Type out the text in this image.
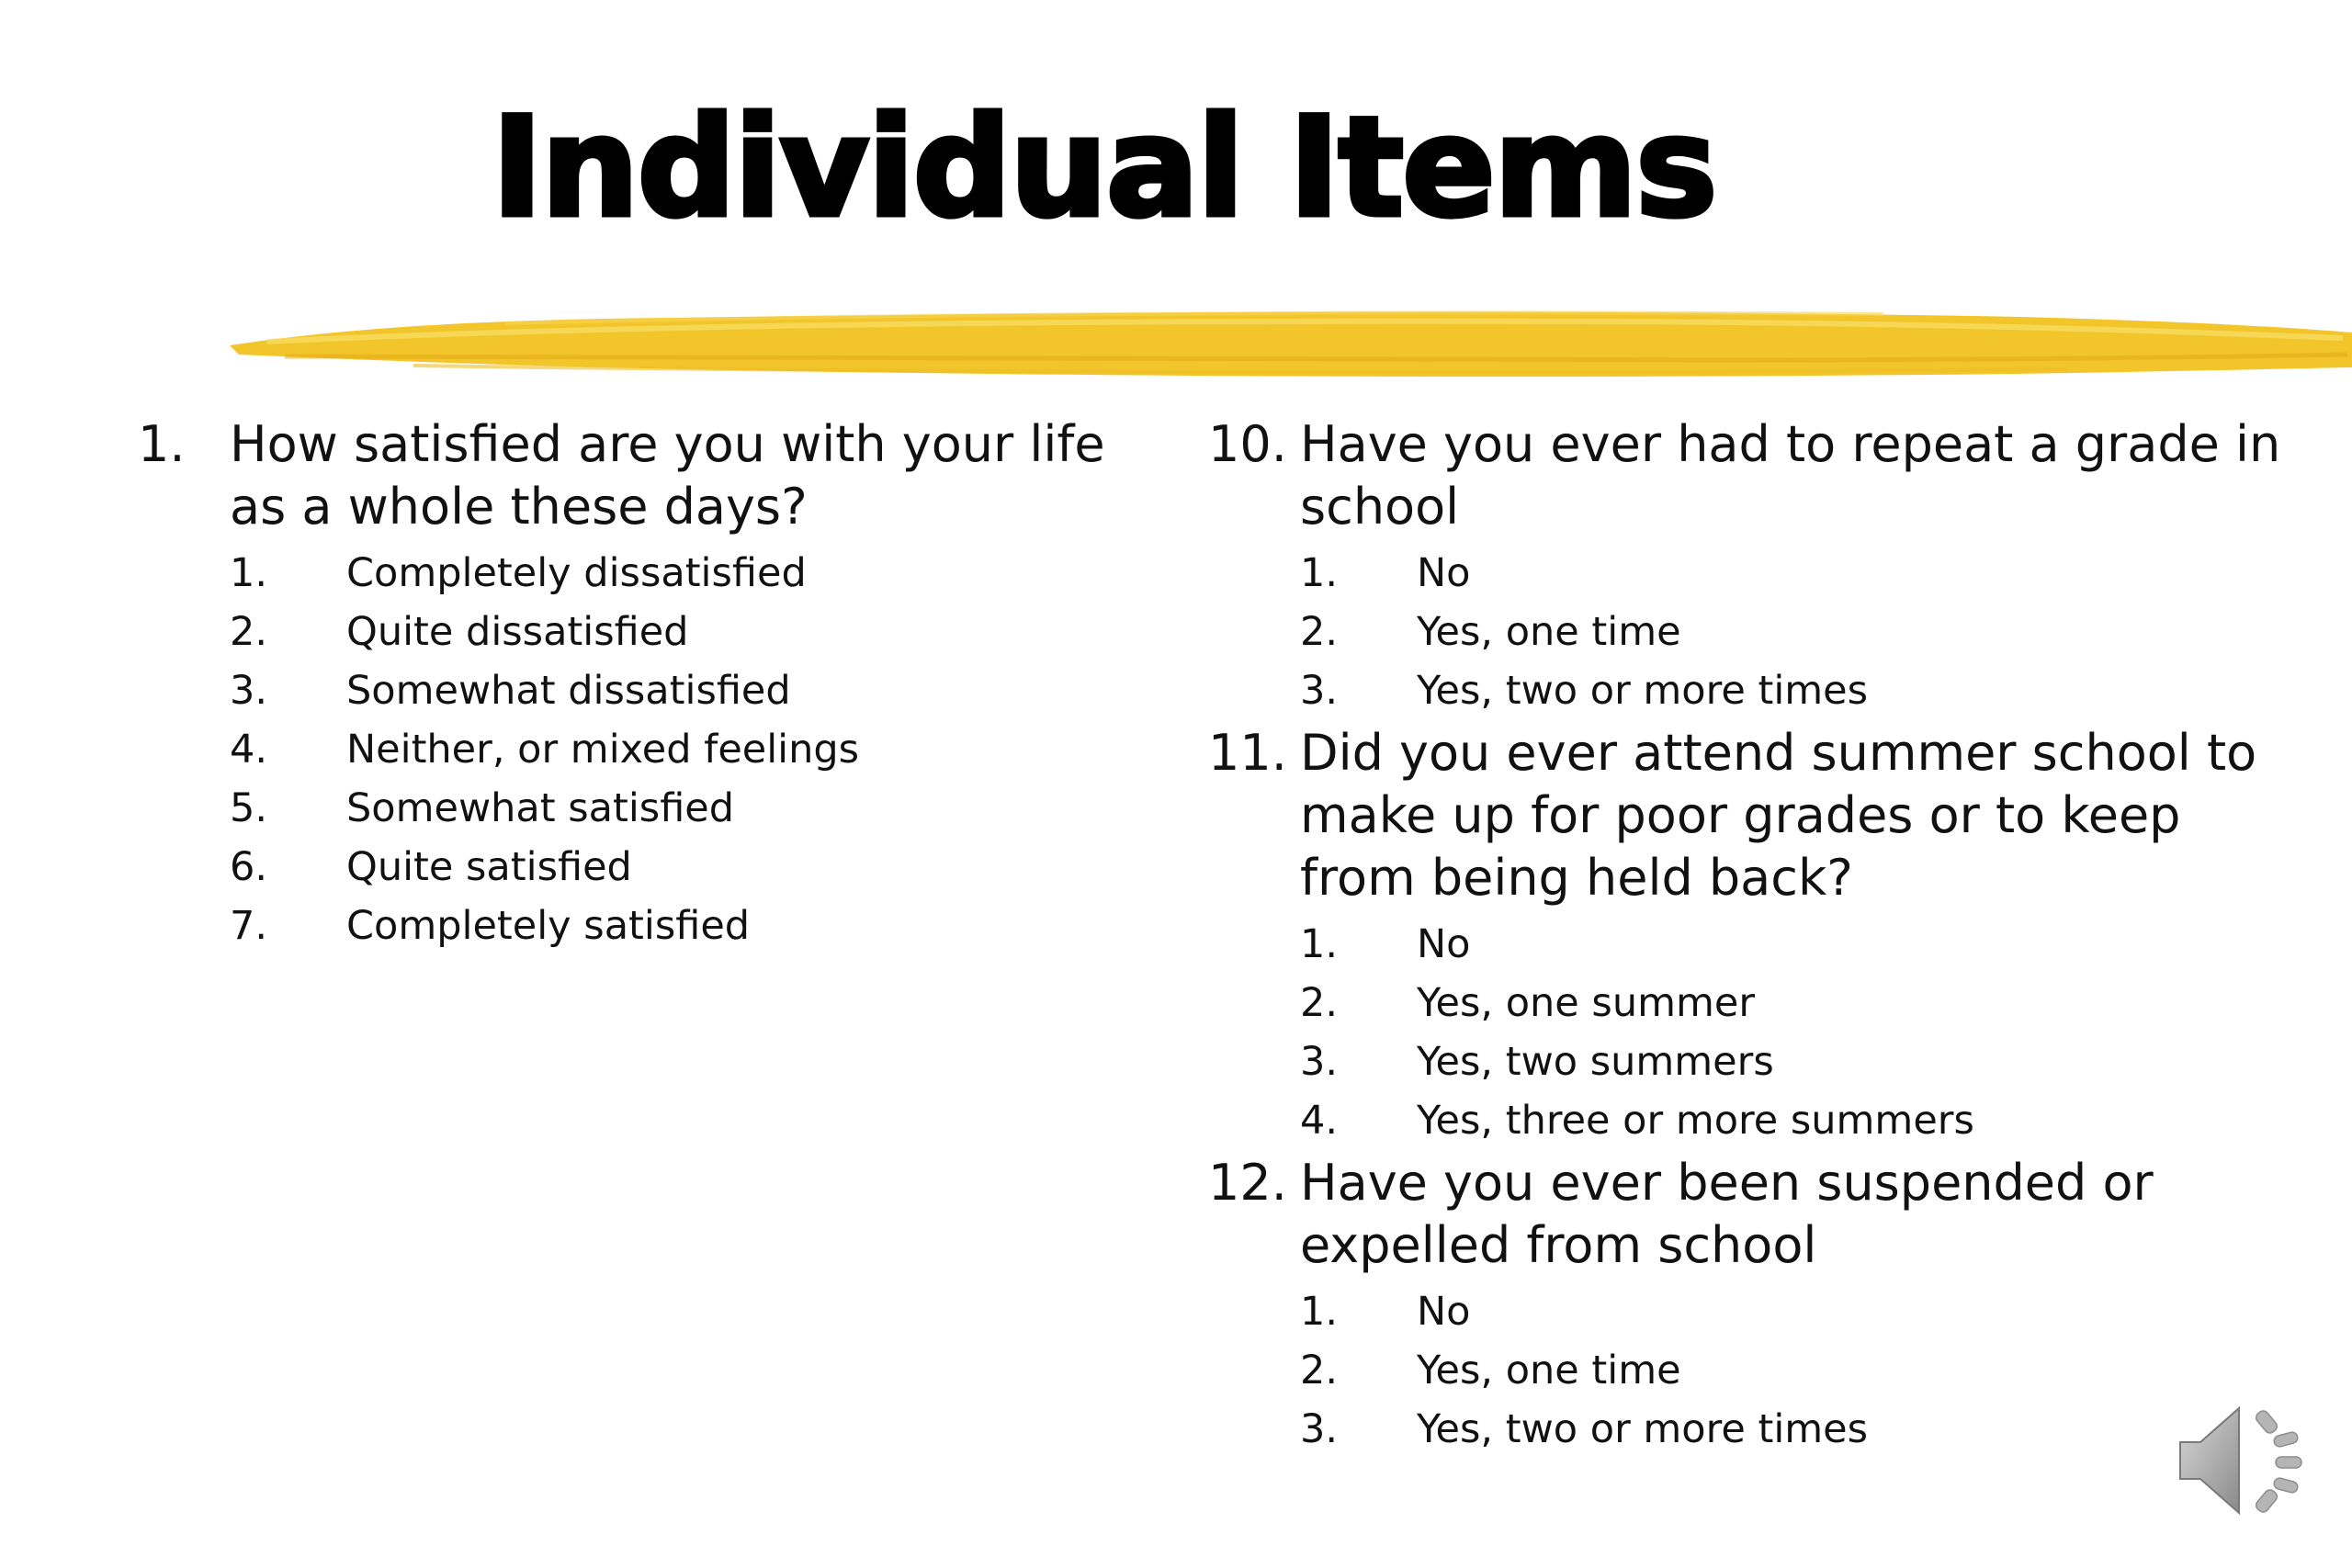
Individual Items
1. How satisfied are you with your life as a whole these days?
1. Completely dissatisfied
2. Quite dissatisfied
3. Somewhat dissatisfied
4. Neither, or mixed feelings
5. Somewhat satisfied
6. Quite satisfied
7. Completely satisfied
10. Have you ever had to repeat a grade in school
1. No
2. Yes, one time
3. Yes, two or more times
11. Did you ever attend summer school to make up for poor grades or to keep from being held back?
1. No
2. Yes, one summer
3. Yes, two summers
4. Yes, three or more summers
12. Have you ever been suspended or expelled from school
1. No
2. Yes, one time
3. Yes, two or more times
